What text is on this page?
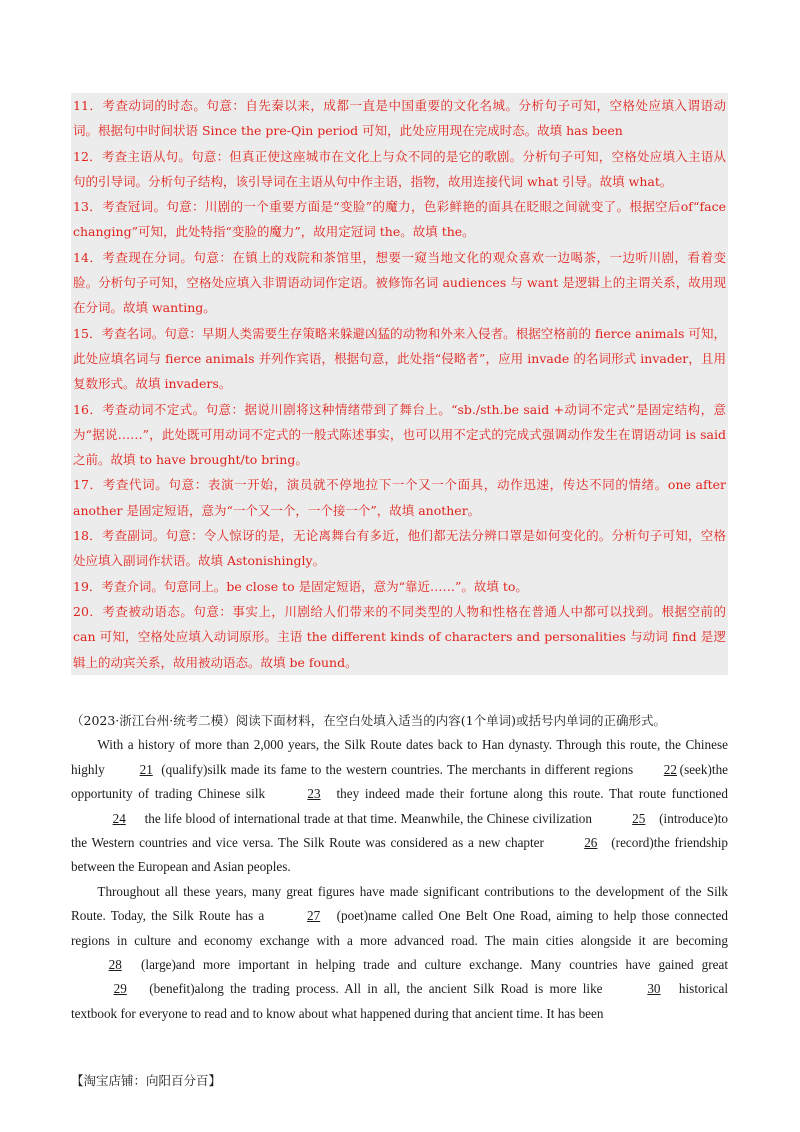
11．考查动词的时态。句意：自先秦以来，成都一直是中国重要的文化名城。分析句子可知，空格处应填入谓语动词。根据句中时间状语 Since the pre-Qin period 可知，此处应用现在完成时态。故填 has been

12．考查主语从句。句意：但真正使这座城市在文化上与众不同的是它的歌剧。分析句子可知，空格处应填入主语从句的引导词。分析句子结构，该引导词在主语从句中作主语，指物，故用连接代词 what 引导。故填 what。

13．考查冠词。句意：川剧的一个重要方面是“变脸”的魔力，色彩鲜艳的面具在眨眼之间就变了。根据空后of“face changing”可知，此处特指“变脸的魔力”，故用定冠词 the。故填 the。

14．考查现在分词。句意：在镇上的戏院和茶馆里，想要一窥当地文化的观众喜欢一边喝茶，一边听川剧，看着变脸。分析句子可知，空格处应填入非谓语动词作定语。被修饰名词 audiences 与 want 是逻辑上的主谓关系，故用现在分词。故填 wanting。

15．考查名词。句意：早期人类需要生存策略来躲避凶猛的动物和外来入侵者。根据空格前的 fierce animals 可知，此处应填名词与 fierce animals 并列作宾语，根据句意，此处指“侵略者”，应用 invade 的名词形式 invader，且用复数形式。故填 invaders。

16．考查动词不定式。句意：据说川剧将这种情绪带到了舞台上。“sb./sth.be said +动词不定式”是固定结构，意为“据说……”，此处既可用动词不定式的一般式陈述事实，也可以用不定式的完成式强调动作发生在谓语动词 is said 之前。故填 to have brought/to bring。

17．考查代词。句意：表演一开始，演员就不停地拉下一个又一个面具，动作迅速，传达不同的情绪。one after another 是固定短语，意为“一个又一个，一个接一个”，故填 another。

18．考查副词。句意：令人惊讶的是，无论离舞台有多近，他们都无法分辨口罩是如何变化的。分析句子可知，空格处应填入副词作状语。故填 Astonishingly。

19．考查介词。句意同上。be close to 是固定短语，意为“靠近……”。故填 to。

20．考查被动语态。句意：事实上，川剧给人们带来的不同类型的人物和性格在普通人中都可以找到。根据空前的 can 可知，空格处应填入动词原形。主语 the different kinds of characters and personalities 与动词 find 是逻辑上的动宾关系，故用被动语态。故填 be found。

（2023·浙江台州·统考二模）阅读下面材料，在空白处填入适当的内容(1个单词)或括号内单词的正确形式。

With a history of more than 2,000 years, the Silk Route dates back to Han dynasty. Through this route, the Chinese highly 21 (qualify)silk made its fame to the western countries. The merchants in different regions 22 (seek)the opportunity of trading Chinese silk	23 they indeed made their fortune along this route. That route functioned 24 the life blood of international trade at that time. Meanwhile, the Chinese civilization	25 (introduce)to the Western countries and vice versa. The Silk Route was considered as a new chapter	26 (record)the friendship between the European and Asian peoples.

Throughout all these years, many great figures have made significant contributions to the development of the Silk Route. Today, the Silk Route has a	27 (poet)name called One Belt One Road, aiming to help those connected regions in culture and economy exchange with a more advanced road. The main cities alongside it are becoming 28 (large)and more important in helping trade and culture exchange. Many countries have gained great 29 (benefit)along the trading process. All in all, the ancient Silk Road is more like	30 historical textbook for everyone to read and to know about what happened during that ancient time. It has been

【淘宝店铺：向阳百分百】
